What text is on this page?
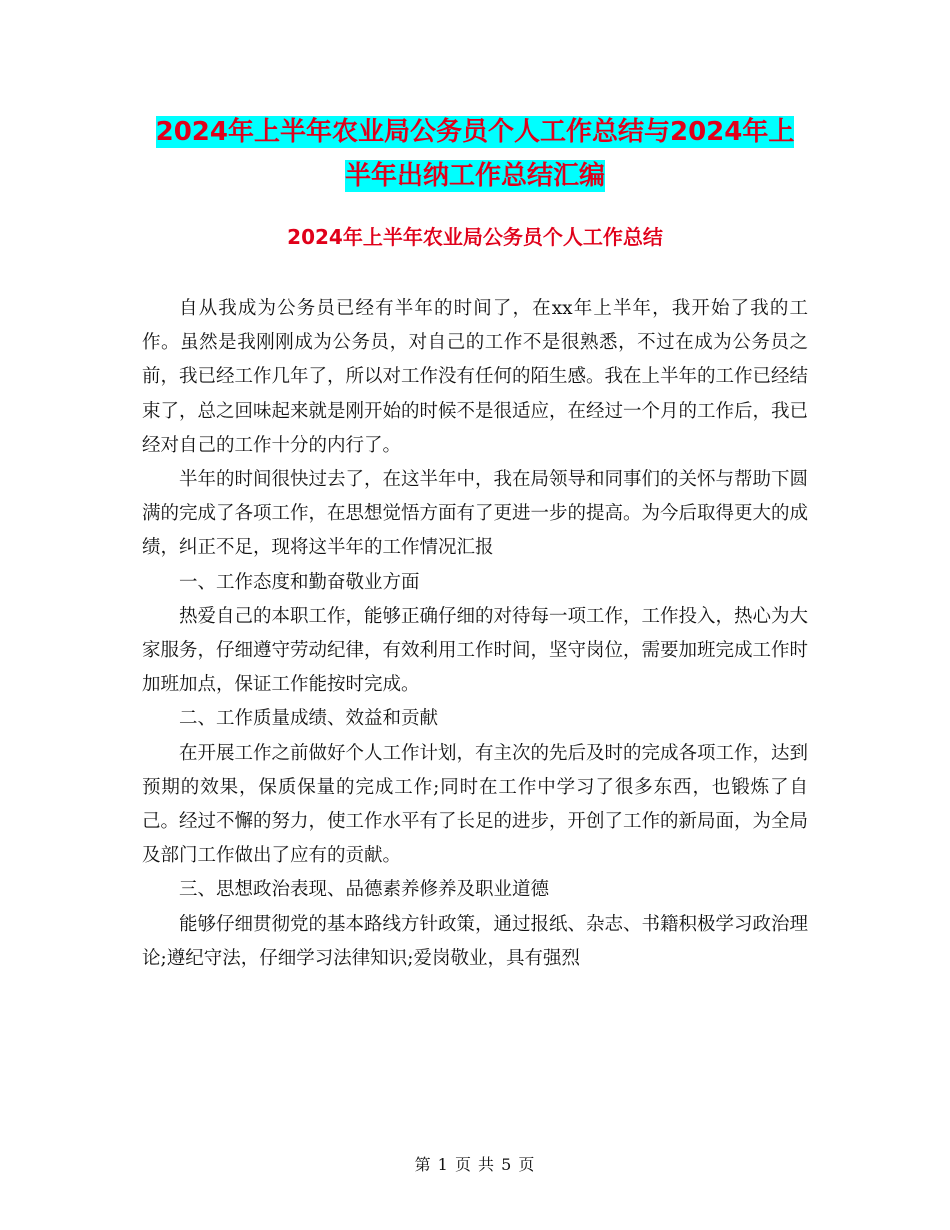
2024年上半年农业局公务员个人工作总结与2024年上
半年出纳工作总结汇编
2024年上半年农业局公务员个人工作总结

自从我成为公务员已经有半年的时间了，在xx年上半年，我开始了我的工作。虽然是我刚刚成为公务员，对自己的工作不是很熟悉，不过在成为公务员之前，我已经工作几年了，所以对工作没有任何的陌生感。我在上半年的工作已经结束了，总之回味起来就是刚开始的时候不是很适应，在经过一个月的工作后，我已经对自己的工作十分的内行了。

半年的时间很快过去了，在这半年中，我在局领导和同事们的关怀与帮助下圆满的完成了各项工作，在思想觉悟方面有了更进一步的提高。为今后取得更大的成绩，纠正不足，现将这半年的工作情况汇报

一、工作态度和勤奋敬业方面

热爱自己的本职工作，能够正确仔细的对待每一项工作，工作投入，热心为大家服务，仔细遵守劳动纪律，有效利用工作时间，坚守岗位，需要加班完成工作时加班加点，保证工作能按时完成。

二、工作质量成绩、效益和贡献

在开展工作之前做好个人工作计划，有主次的先后及时的完成各项工作，达到预期的效果，保质保量的完成工作;同时在工作中学习了很多东西，也锻炼了自己。经过不懈的努力，使工作水平有了长足的进步，开创了工作的新局面，为全局及部门工作做出了应有的贡献。

三、思想政治表现、品德素养修养及职业道德

能够仔细贯彻党的基本路线方针政策，通过报纸、杂志、书籍积极学习政治理论;遵纪守法，仔细学习法律知识;爱岗敬业，具有强烈

第 1 页 共 5 页
